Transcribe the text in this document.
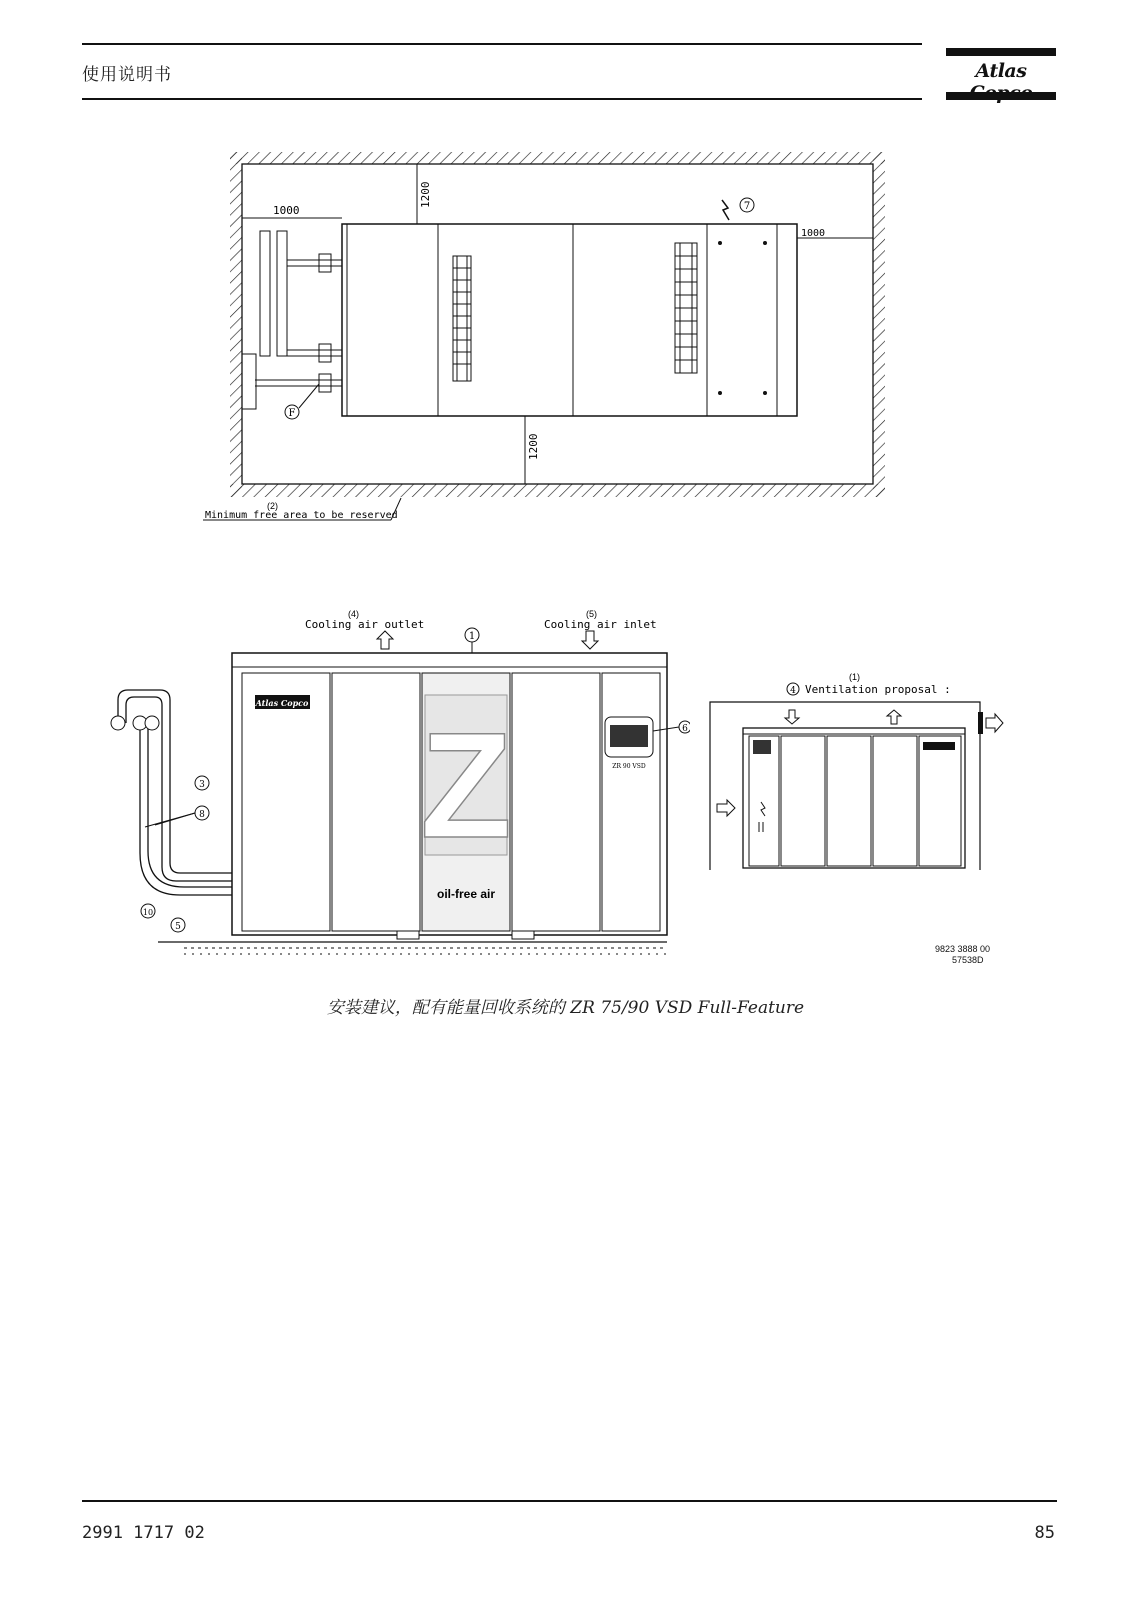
使用说明书	Atlas
1000
1200
1200
1000
7
F
(2)
Minimum free area to be reserved
(4)	(5)
Cooling air outlet	Cooling air inlet
1
Atlas Copco Z
oil-free air
ZR 90 VSD
6
3
8
10
5
(1)
4 Ventilation proposal :
9823 3888 00
57538D
安装建议，配有能量回收系统的 ZR 75/90 VSD Full-Feature
2991 1717 02	85
